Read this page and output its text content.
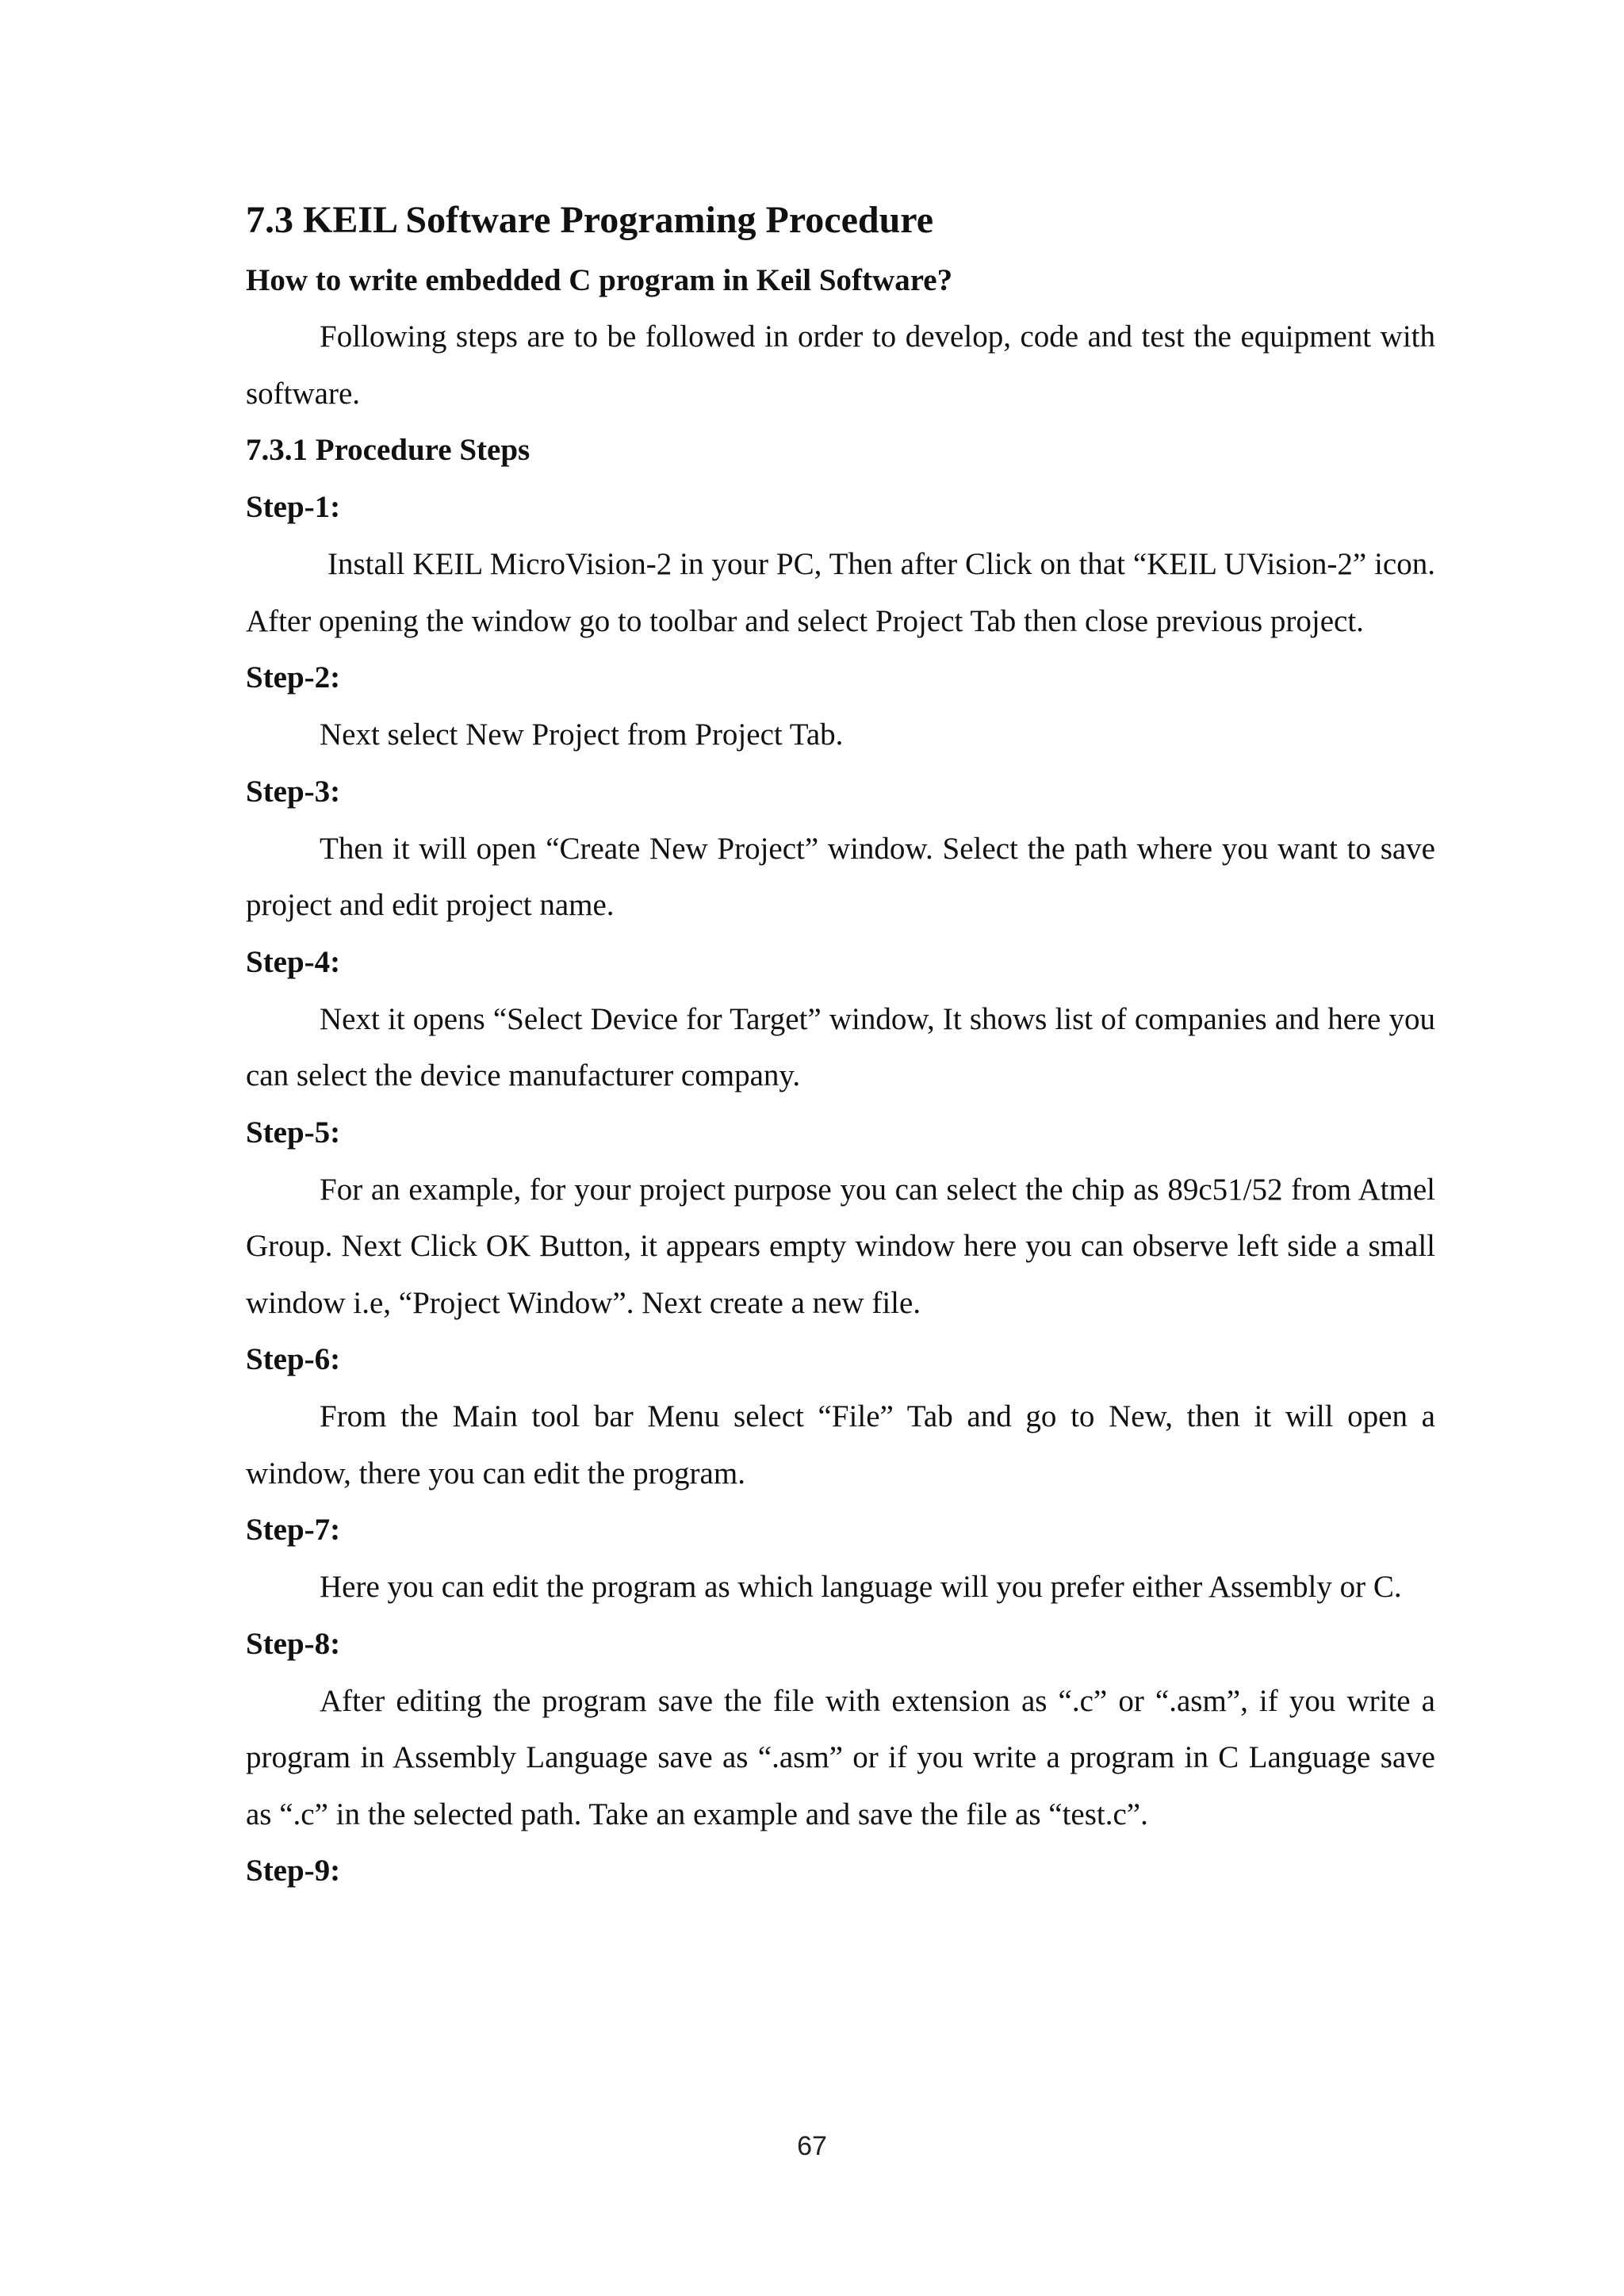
7.3 KEIL Software Programing Procedure
How to write embedded C program in Keil Software?

Following steps are to be followed in order to develop, code and test the equipment with software.

7.3.1 Procedure Steps
Step-1:

Install KEIL MicroVision-2 in your PC, Then after Click on that “KEIL UVision-2” icon. After opening the window go to toolbar and select Project Tab then close previous project.

Step-2:

Next select New Project from Project Tab.

Step-3:

Then it will open “Create New Project” window. Select the path where you want to save project and edit project name.

Step-4:

Next it opens “Select Device for Target” window, It shows list of companies and here you can select the device manufacturer company.

Step-5:

For an example, for your project purpose you can select the chip as 89c51/52 from Atmel Group. Next Click OK Button, it appears empty window here you can observe left side a small window i.e, “Project Window”. Next create a new file.

Step-6:

From the Main tool bar Menu select “File” Tab and go to New, then it will open a window, there you can edit the program.

Step-7:

Here you can edit the program as which language will you prefer either Assembly or C.

Step-8:

After editing the program save the file with extension as “.c” or “.asm”, if you write a program in Assembly Language save as “.asm” or if you write a program in C Language save as “.c” in the selected path. Take an example and save the file as “test.c”.

Step-9:
67
